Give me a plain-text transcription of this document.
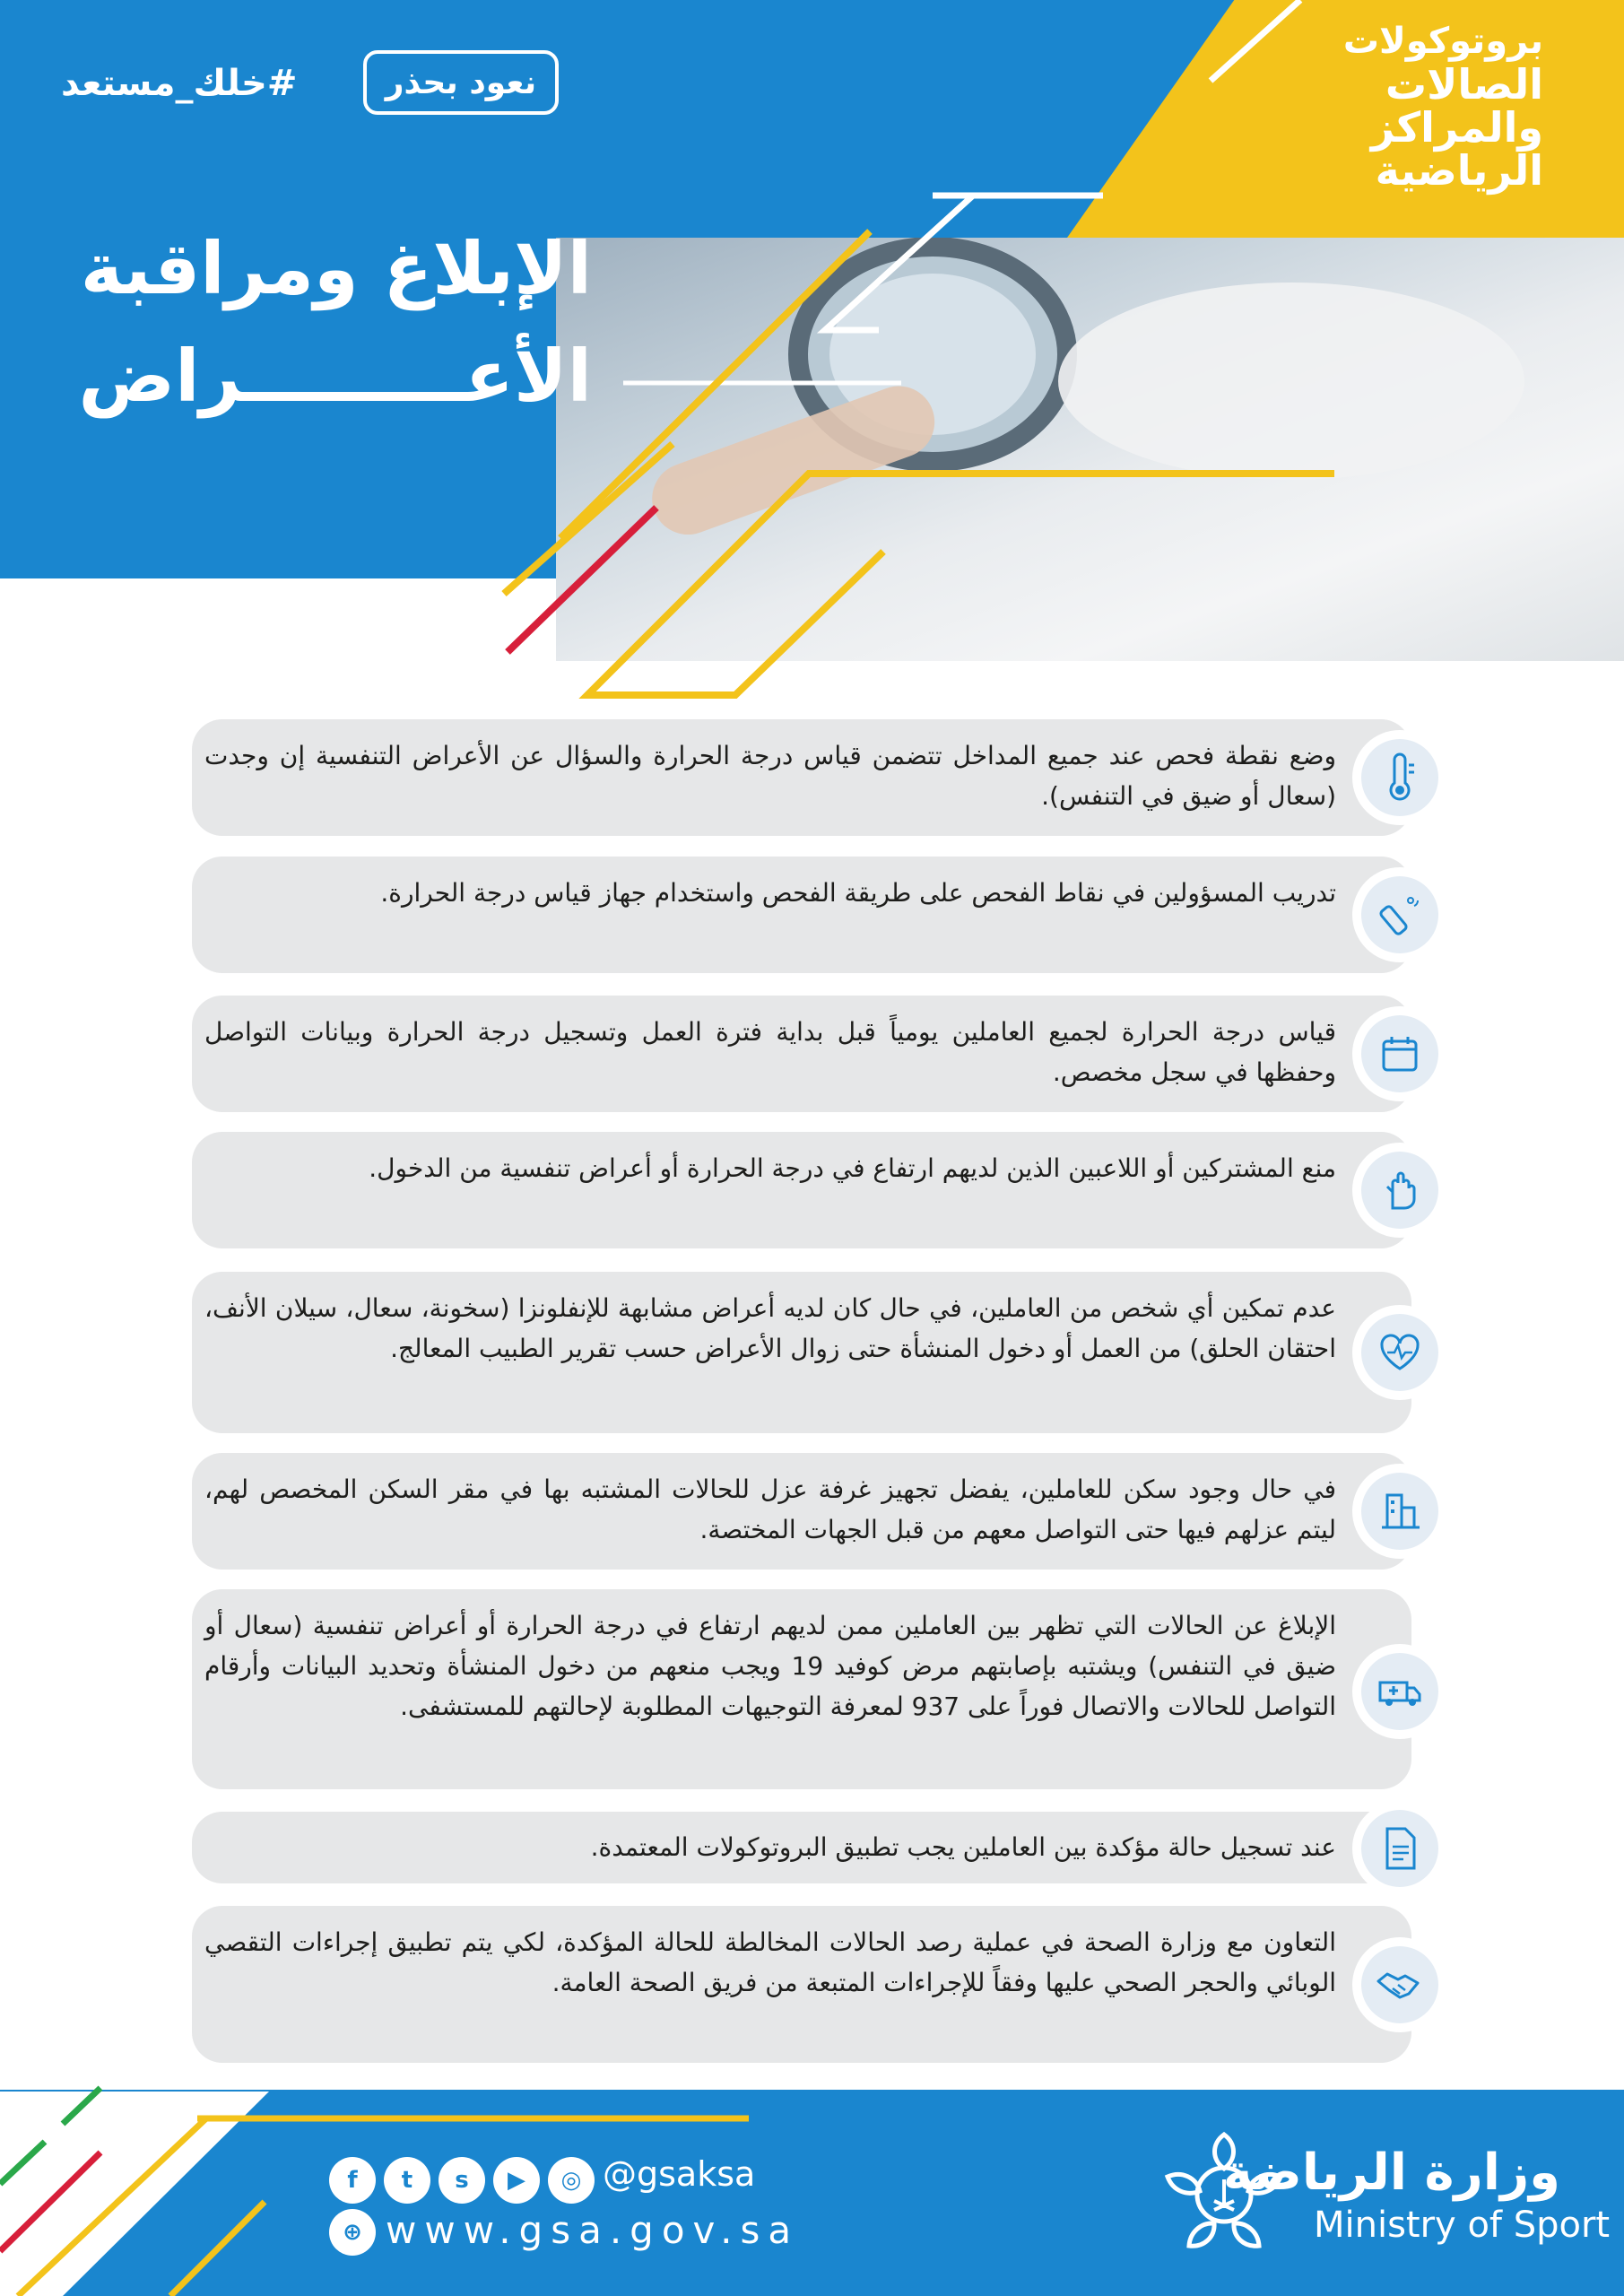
بروتوكولات
الصالات
والمراكز
الرياضية
#خلك_مستعد	نعود بحذر
الإبلاغ ومراقبة
الأعـــــــــراض
وضع نقطة فحص عند جميع المداخل تتضمن قياس درجة الحرارة والسؤال عن الأعراض التنفسية إن وجدت (سعال أو ضيق في التنفس).
تدريب المسؤولين في نقاط الفحص على طريقة الفحص واستخدام جهاز قياس درجة الحرارة.
قياس درجة الحرارة لجميع العاملين يومياً قبل بداية فترة العمل وتسجيل درجة الحرارة وبيانات التواصل وحفظها في سجل مخصص.
منع المشتركين أو اللاعبين الذين لديهم ارتفاع في درجة الحرارة أو أعراض تنفسية من الدخول.
عدم تمكين أي شخص من العاملين، في حال كان لديه أعراض مشابهة للإنفلونزا (سخونة، سعال، سيلان الأنف، احتقان الحلق) من العمل أو دخول المنشأة حتى زوال الأعراض حسب تقرير الطبيب المعالج.
في حال وجود سكن للعاملين، يفضل تجهيز غرفة عزل للحالات المشتبه بها في مقر السكن المخصص لهم، ليتم عزلهم فيها حتى التواصل معهم من قبل الجهات المختصة.
الإبلاغ عن الحالات التي تظهر بين العاملين ممن لديهم ارتفاع في درجة الحرارة أو أعراض تنفسية (سعال أو ضيق في التنفس) ويشتبه بإصابتهم مرض كوفيد 19 ويجب منعهم من دخول المنشأة وتحديد البيانات وأرقام التواصل للحالات والاتصال فوراً على 937 لمعرفة التوجيهات المطلوبة لإحالتهم للمستشفى.
عند تسجيل حالة مؤكدة بين العاملين يجب تطبيق البروتوكولات المعتمدة.
التعاون مع وزارة الصحة في عملية رصد الحالات المخالطة للحالة المؤكدة، لكي يتم تطبيق إجراءات التقصي الوبائي والحجر الصحي عليها وفقاً للإجراءات المتبعة من فريق الصحة العامة.
f	t	s	▶	◎ @gsaksa
⊕ www.gsa.gov.sa
وزارة الرياضة
Ministry of Sport
